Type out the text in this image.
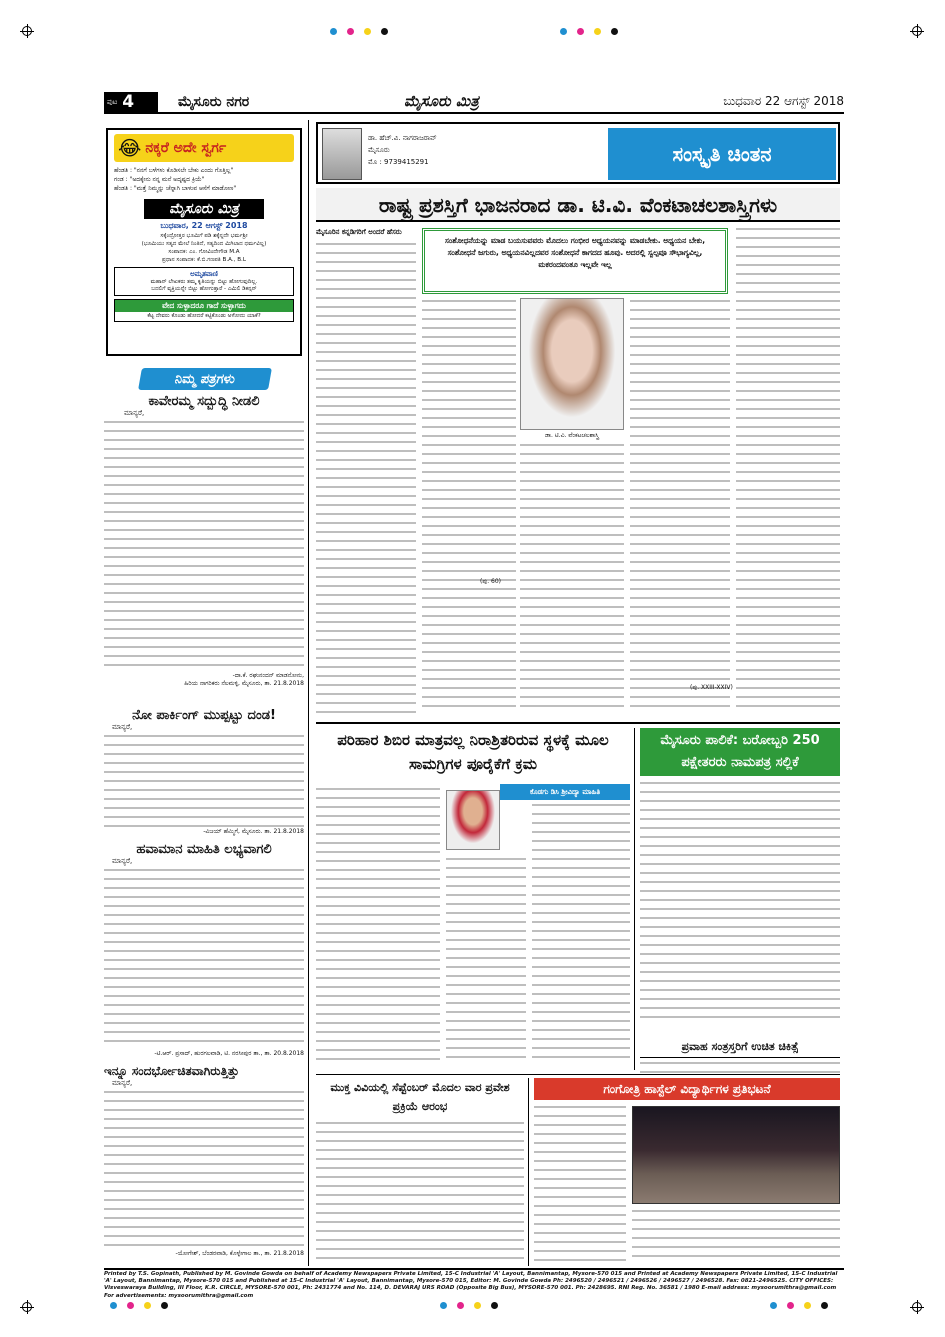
ಪುಟ 4	ಮೈಸೂರು ನಗರ	ಮೈಸೂರು ಮಿತ್ರ	ಬುಧವಾರ 22 ಆಗಸ್ಟ್ 2018
😂 ನಕ್ಕರೆ ಅದೇ ಸ್ವರ್ಗ
ಹೆಂಡತಿ : "ನನಗೆ ಬಳೆಗಳು ಕೊಡಿಸಲೇ ಬೇಕು ಎಂದು ಗೊತ್ತಿಲ್ಲ"
ಗಂಡ : "ಅದಕ್ಕೇನು ನನ್ನ ಮನೆ ಅದೃಷ್ಟದ ಕ್ರಿಯೆ"
ಹೆಂಡತಿ : "ಮತ್ತೆ ನಿಮ್ಮನ್ನು ಚೆನ್ನಾಗಿ ಬಾಳುವ ಆಸೆಗೆ ಮಾಡೋಣ"
ಮೈಸೂರು ಮಿತ್ರ
ಬುಧವಾರ, 22 ಆಗಸ್ಟ್ 2018
ಸಕ್ಕೆಂದ್ರೋತ್ತರ ಭೂಮಿಗೆ ಪಡಿ ಶಕ್ಕೆನ್ನದೇ ಭರ್ಮಶ್ರೀ
(ಭೂಮಿಯು ಸತ್ಯದ ಮೇಲೆ ನಿಂತಿದೆ, ಸತ್ಯದಿಂದ ಮಿಗಿಲಾದ ಧರ್ಮವಿಲ್ಲ)
ಸಂಪಾದಕ: ಎಂ. ಗೋವಿಂದೇಗೌಡ M.A
ಪ್ರಧಾನ ಸಂಪಾದಕ: ಕೆ.ಬಿ.ಗಣಪತಿ B.A., B.L
ಅಮೃತವಾಣಿ
ಮಹಾನ್ ಲೇಖಕರು ತಮ್ಮ ಕೃತಿಯನ್ನು ಬಿಟ್ಟು ಹೋಗುವುದಿಲ್ಲ.
ಬದಲಿಗೆ ವ್ಯಕ್ತಿಯನ್ನೇ ಬಿಟ್ಟು ಹೋಗುತ್ತಾರೆ - ಎಮಿಲಿ ಡಿಕನ್ಸನ್
ವೇದ ಸುಳ್ಳಾದರೂ ಗಾದೆ ಸುಳ್ಳಾಗದು
ಕೆಟ್ಟ ದೇವರು ಕೊಂಡು ಹೋದರೆ ಕಟ್ಟಿಕೊಂಡು ಅಳೋದು ಯಾಕೆ?
ನಿಮ್ಮ ಪತ್ರಗಳು
ಕಾವೇರಮ್ಮ ಸದ್ಬುದ್ಧಿ ನೀಡಲಿ
ಮಾನ್ಯರೆ,
-ದಾ.ಕೆ. ರಘುನಂದನ್ ಮಾಡನೋನು,
ಹಿರಿಯ ನಾಗರಿಕರು ನೆಲಮಳ್ಳಿ, ಮೈಸೂರು, ತಾ. 21.8.2018
ನೋ ಪಾರ್ಕಿಂಗ್ ಮುಪ್ಪಟ್ಟು ದಂಡ!
ಮಾನ್ಯರೆ,
-ವಿಜಯ್ ಹೆಮ್ಮಿಗೆ, ಮೈಸೂರು. ತಾ. 21.8.2018
ಹವಾಮಾನ ಮಾಹಿತಿ ಲಭ್ಯವಾಗಲಿ
ಮಾನ್ಯರೆ,
-ಟಿ.ಆರ್. ಪ್ರಸಾದ್, ಹುರಗಲವಾಡಿ, ಟಿ. ನರಸೀಪುರ ತಾ., ತಾ. 20.8.2018
ಇನ್ನೂ ಸಂದರ್ಭೋಚಿತವಾಗಿರುತ್ತಿತ್ತು
ಮಾನ್ಯರೆ,
-ಯೋಗೇಶ್, ಬೆಂಡರವಾಡಿ, ಕೊಳ್ಳೇಗಾಲ ತಾ., ತಾ. 21.8.2018
ಡಾ. ಹೆಚ್.ವಿ. ನಾಗರಾಜರಾವ್
ಮೈಸೂರು
ಮೊ : 9739415291	ಸಂಸ್ಕೃತಿ ಚಿಂತನ
ರಾಷ್ಟ್ರ ಪ್ರಶಸ್ತಿಗೆ ಭಾಜನರಾದ ಡಾ. ಟಿ.ವಿ. ವೆಂಕಟಾಚಲಶಾಸ್ತ್ರಿಗಳು
ಸಂಶೋಧನೆಯನ್ನು ಮಾಡ ಬಯಸುವವರು ಮೊದಲು ಗಂಭೀರ ಅಧ್ಯಯನವನ್ನು ಮಾಡಬೇಕು. ಅಧ್ಯಯನ ಬೇಕು, ಸಂಶೋಧನೆ ಜಗುರು, ಅಧ್ಯಯನವಿಲ್ಲದವರ ಸಂಶೋಧನೆ ಕಾಗದದ ಹೂವು. ಅದರಲ್ಲಿ ಸ್ವಲ್ಪವೂ ಸೌಭಾಗ್ಯವಿಲ್ಲ, ಮಕರಂದವಂತೂ ಇಲ್ಲವೇ ಇಲ್ಲ
ಡಾ. ಟಿ.ವಿ. ವೆಂಕಟಚಲಶಾಸ್ತ್ರಿ
ಮೈಸೂರಿನ ಕನ್ನಡಿಗರಿಗೆ ಅಂದರೆ ಹೆಸರು
(ಪು. 60)
(ಪು. XXIII-XXIV)
ಪರಿಹಾರ ಶಿಬಿರ ಮಾತ್ರವಲ್ಲ ನಿರಾಶ್ರಿತರಿರುವ ಸ್ಥಳಕ್ಕೆ ಮೂಲ ಸಾಮಗ್ರಿಗಳ ಪೂರೈಕೆಗೆ ಕ್ರಮ
ಕೊಡಗು ಡಿಸಿ ಶ್ರೀವಿದ್ಯಾ ಮಾಹಿತಿ
ಮೈಸೂರು ಪಾಲಿಕೆ: ಬರೋಬ್ಬರಿ 250 ಪಕ್ಷೇತರರು ನಾಮಪತ್ರ ಸಲ್ಲಿಕೆ
ಪ್ರವಾಹ ಸಂತ್ರಸ್ತರಿಗೆ ಉಚಿತ ಚಿಕಿತ್ಸೆ
ಮುಕ್ತ ವಿವಿಯಲ್ಲಿ ಸೆಪ್ಟೆಂಬರ್ ಮೊದಲ ವಾರ ಪ್ರವೇಶ ಪ್ರಕ್ರಿಯೆ ಆರಂಭ
ಗಂಗೋತ್ರಿ ಹಾಸ್ಟೆಲ್ ವಿದ್ಯಾರ್ಥಿಗಳ ಪ್ರತಿಭಟನೆ
Printed by T.S. Gopinath, Published by M. Govinde Gowda on behalf of Academy Newspapers Private Limited, 15-C Industrial 'A' Layout, Bannimantap, Mysore-570 015 and Printed at Academy Newspapers Private Limited, 15-C Industrial 'A' Layout, Bannimantap, Mysore-570 015 and Published at 15-C Industrial 'A' Layout, Bannimantap, Mysore-570 015, Editor: M. Govinde Gowda Ph: 2496520 / 2496521 / 2496526 / 2496527 / 2496528. Fax: 0821-2496525. CITY OFFICES: Visveswaraya Building, III Floor, K.R. CIRCLE, MYSORE-570 001, Ph: 2431774 and No. 114, D. DEVARAJ URS ROAD (Opposite Big Bus), MYSORE-570 001. Ph: 2428695. RNI Reg. No. 36581 / 1980 E-mail address: mysoorumithra@gmail.com For advertisements: mysoorumithra@gmail.com
